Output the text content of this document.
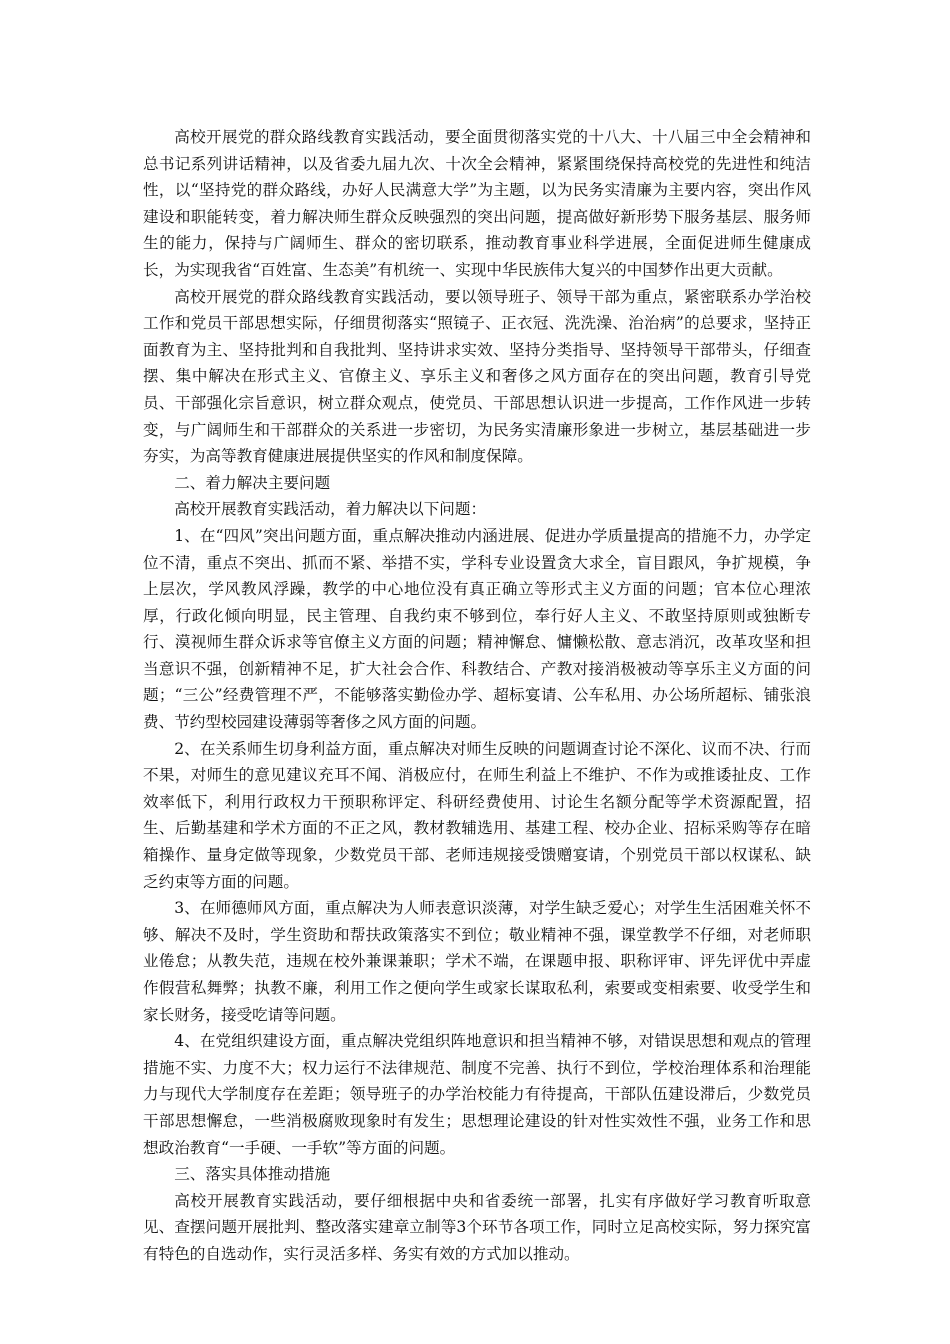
高校开展党的群众路线教育实践活动，要全面贯彻落实党的十八大、十八届三中全会精神和总书记系列讲话精神，以及省委九届九次、十次全会精神，紧紧围绕保持高校党的先进性和纯洁性，以“坚持党的群众路线，办好人民满意大学”为主题，以为民务实清廉为主要内容，突出作风建设和职能转变，着力解决师生群众反映强烈的突出问题，提高做好新形势下服务基层、服务师生的能力，保持与广阔师生、群众的密切联系，推动教育事业科学进展，全面促进师生健康成长，为实现我省“百姓富、生态美”有机统一、实现中华民族伟大复兴的中国梦作出更大贡献。

高校开展党的群众路线教育实践活动，要以领导班子、领导干部为重点，紧密联系办学治校工作和党员干部思想实际，仔细贯彻落实“照镜子、正衣冠、洗洗澡、治治病”的总要求，坚持正面教育为主、坚持批判和自我批判、坚持讲求实效、坚持分类指导、坚持领导干部带头，仔细查摆、集中解决在形式主义、官僚主义、享乐主义和奢侈之风方面存在的突出问题，教育引导党员、干部强化宗旨意识，树立群众观点，使党员、干部思想认识进一步提高，工作作风进一步转变，与广阔师生和干部群众的关系进一步密切，为民务实清廉形象进一步树立，基层基础进一步夯实，为高等教育健康进展提供坚实的作风和制度保障。

二、着力解决主要问题

高校开展教育实践活动，着力解决以下问题：

1、在“四风”突出问题方面，重点解决推动内涵进展、促进办学质量提高的措施不力，办学定位不清，重点不突出、抓而不紧、举措不实，学科专业设置贪大求全，盲目跟风，争扩规模，争上层次，学风教风浮躁，教学的中心地位没有真正确立等形式主义方面的问题；官本位心理浓厚，行政化倾向明显，民主管理、自我约束不够到位，奉行好人主义、不敢坚持原则或独断专行、漠视师生群众诉求等官僚主义方面的问题；精神懈怠、慵懒松散、意志消沉，改革攻坚和担当意识不强，创新精神不足，扩大社会合作、科教结合、产教对接消极被动等享乐主义方面的问题；“三公”经费管理不严，不能够落实勤俭办学、超标宴请、公车私用、办公场所超标、铺张浪费、节约型校园建设薄弱等奢侈之风方面的问题。

2、在关系师生切身利益方面，重点解决对师生反映的问题调查讨论不深化、议而不决、行而不果，对师生的意见建议充耳不闻、消极应付，在师生利益上不维护、不作为或推诿扯皮、工作效率低下，利用行政权力干预职称评定、科研经费使用、讨论生名额分配等学术资源配置，招生、后勤基建和学术方面的不正之风，教材教辅选用、基建工程、校办企业、招标采购等存在暗箱操作、量身定做等现象，少数党员干部、老师违规接受馈赠宴请，个别党员干部以权谋私、缺乏约束等方面的问题。

3、在师德师风方面，重点解决为人师表意识淡薄，对学生缺乏爱心；对学生生活困难关怀不够、解决不及时，学生资助和帮扶政策落实不到位；敬业精神不强，课堂教学不仔细，对老师职业倦怠；从教失范，违规在校外兼课兼职；学术不端，在课题申报、职称评审、评先评优中弄虚作假营私舞弊；执教不廉，利用工作之便向学生或家长谋取私利，索要或变相索要、收受学生和家长财务，接受吃请等问题。

4、在党组织建设方面，重点解决党组织阵地意识和担当精神不够，对错误思想和观点的管理措施不实、力度不大；权力运行不法律规范、制度不完善、执行不到位，学校治理体系和治理能力与现代大学制度存在差距；领导班子的办学治校能力有待提高，干部队伍建设滞后，少数党员干部思想懈怠，一些消极腐败现象时有发生；思想理论建设的针对性实效性不强，业务工作和思想政治教育“一手硬、一手软”等方面的问题。

三、落实具体推动措施

高校开展教育实践活动，要仔细根据中央和省委统一部署，扎实有序做好学习教育听取意见、查摆问题开展批判、整改落实建章立制等3个环节各项工作，同时立足高校实际，努力探究富有特色的自选动作，实行灵活多样、务实有效的方式加以推动。
